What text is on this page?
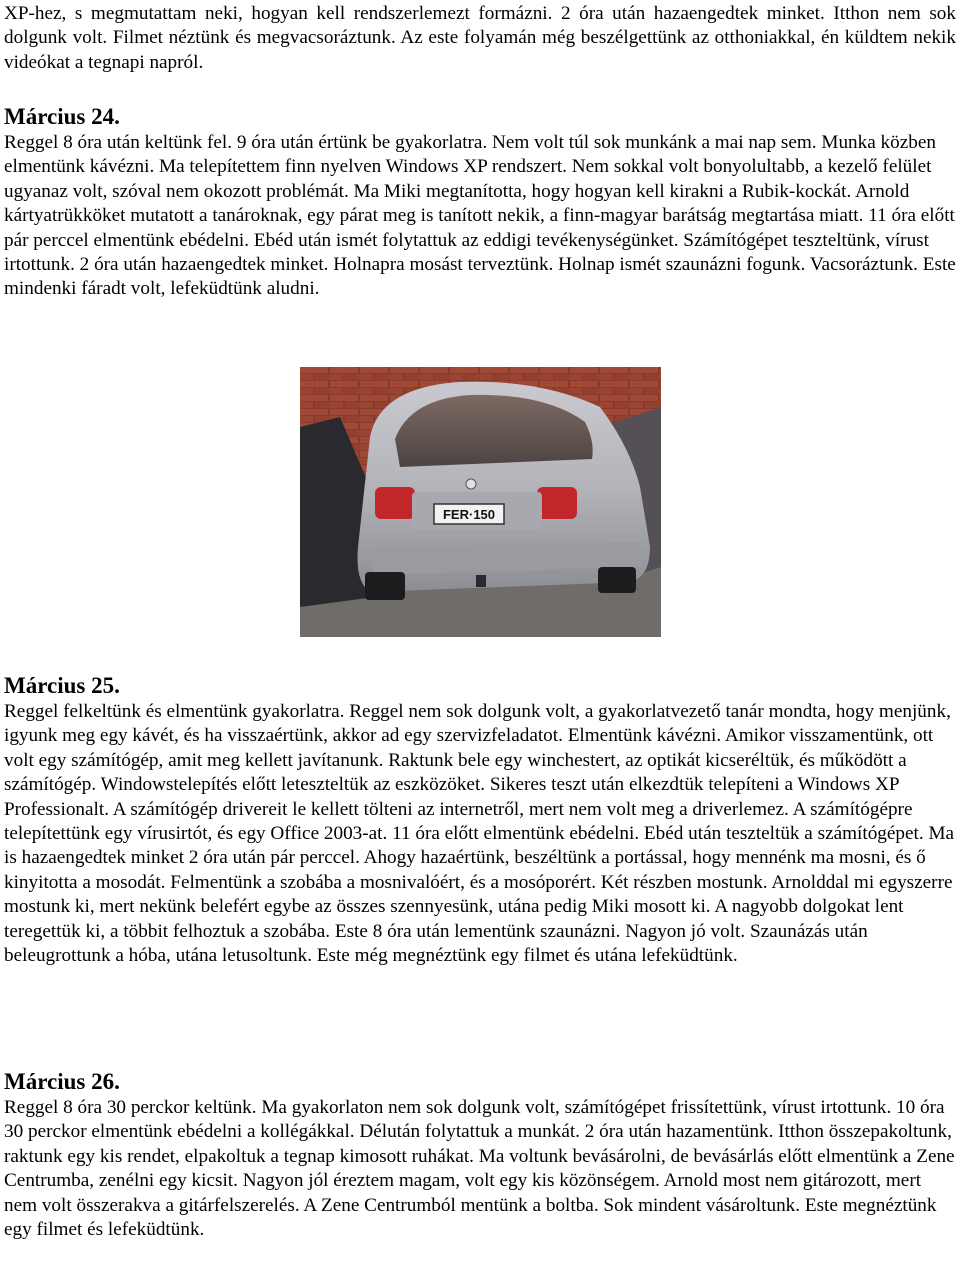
XP-hez, s megmutattam neki, hogyan kell rendszerlemezt formázni. 2 óra után hazaengedtek minket. Itthon nem sok dolgunk volt. Filmet néztünk és megvacsoráztunk. Az este folyamán még beszélgettünk az otthoniakkal, én küldtem nekik videókat a tegnapi napról.

Március 24.

Reggel 8 óra után keltünk fel. 9 óra után értünk be gyakorlatra. Nem volt túl sok munkánk a mai nap sem. Munka közben elmentünk kávézni. Ma telepítettem finn nyelven Windows XP rendszert. Nem sokkal volt bonyolultabb, a kezelő felület ugyanaz volt, szóval nem okozott problémát. Ma Miki megtanította, hogy hogyan kell kirakni a Rubik-kockát. Arnold kártyatrükköket mutatott a tanároknak, egy párat meg is tanított nekik, a finn-magyar barátság megtartása miatt. 11 óra előtt pár perccel elmentünk ebédelni. Ebéd után ismét folytattuk az eddigi tevékenységünket. Számítógépet teszteltünk, vírust irtottunk. 2 óra után hazaengedtek minket. Holnapra mosást terveztünk. Holnap ismét szaunázni fogunk. Vacsoráztunk. Este mindenki fáradt volt, lefeküdtünk aludni.

FER·150
Március 25.

Reggel felkeltünk és elmentünk gyakorlatra. Reggel nem sok dolgunk volt, a gyakorlatvezető tanár mondta, hogy menjünk, igyunk meg egy kávét, és ha visszaértünk, akkor ad egy szervizfeladatot. Elmentünk kávézni. Amikor visszamentünk, ott volt egy számítógép, amit meg kellett javítanunk. Raktunk bele egy winchestert, az optikát kicseréltük, és működött a számítógép. Windowstelepítés előtt leteszteltük az eszközöket. Sikeres teszt után elkezdtük telepíteni a Windows XP Professionalt. A számítógép drivereit le kellett tölteni az internetről, mert nem volt meg a driverlemez. A számítógépre telepítettünk egy vírusirtót, és egy Office 2003-at. 11 óra előtt elmentünk ebédelni. Ebéd után teszteltük a számítógépet. Ma is hazaengedtek minket 2 óra után pár perccel. Ahogy hazaértünk, beszéltünk a portással, hogy mennénk ma mosni, és ő kinyitotta a mosodát. Felmentünk a szobába a mosnivalóért, és a mosóporért. Két részben mostunk. Arnolddal mi egyszerre mostunk ki, mert nekünk belefért egybe az összes szennyesünk, utána pedig Miki mosott ki. A nagyobb dolgokat lent teregettük ki, a többit felhoztuk a szobába. Este 8 óra után lementünk szaunázni. Nagyon jó volt. Szaunázás után beleugrottunk a hóba, utána letusoltunk. Este még megnéztünk egy filmet és utána lefeküdtünk.

Március 26.

Reggel 8 óra 30 perckor keltünk. Ma gyakorlaton nem sok dolgunk volt, számítógépet frissítettünk, vírust irtottunk. 10 óra 30 perckor elmentünk ebédelni a kollégákkal. Délután folytattuk a munkát. 2 óra után hazamentünk. Itthon összepakoltunk, raktunk egy kis rendet, elpakoltuk a tegnap kimosott ruhákat. Ma voltunk bevásárolni, de bevásárlás előtt elmentünk a Zene Centrumba, zenélni egy kicsit. Nagyon jól éreztem magam, volt egy kis közönségem. Arnold most nem gitározott, mert nem volt összerakva a gitárfelszerelés. A Zene Centrumból mentünk a boltba. Sok mindent vásároltunk. Este megnéztünk egy filmet és lefeküdtünk.
